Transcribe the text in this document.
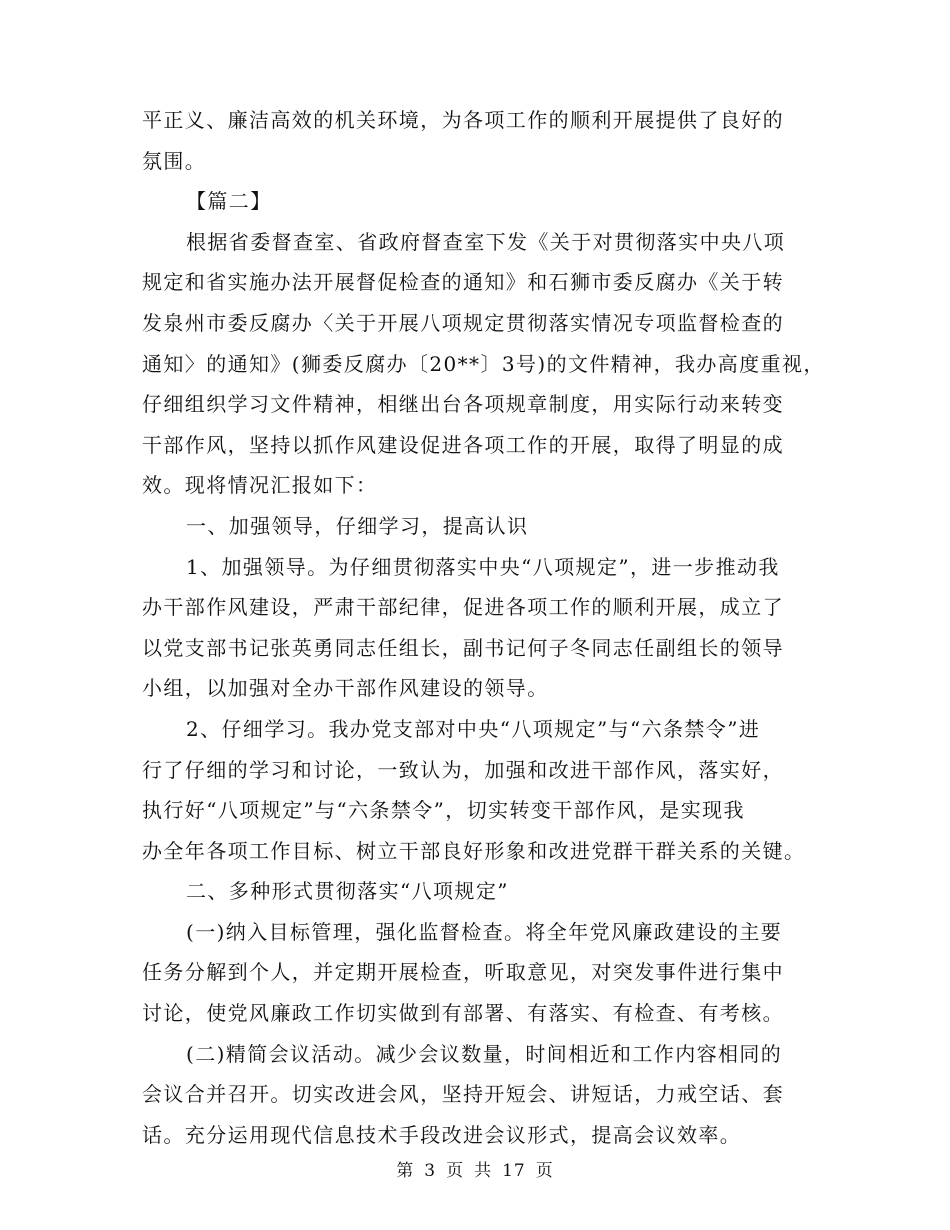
平正义、廉洁高效的机关环境，为各项工作的顺利开展提供了良好的
氛围。
【篇二】
根据省委督查室、省政府督查室下发《关于对贯彻落实中央八项
规定和省实施办法开展督促检查的通知》和石狮市委反腐办《关于转
发泉州市委反腐办〈关于开展八项规定贯彻落实情况专项监督检查的
通知〉的通知》(狮委反腐办〔20**〕3号)的文件精神，我办高度重视，
仔细组织学习文件精神，相继出台各项规章制度，用实际行动来转变
干部作风，坚持以抓作风建设促进各项工作的开展，取得了明显的成
效。现将情况汇报如下：
一、加强领导，仔细学习，提高认识
1、加强领导。为仔细贯彻落实中央“八项规定”，进一步推动我
办干部作风建设，严肃干部纪律，促进各项工作的顺利开展，成立了
以党支部书记张英勇同志任组长，副书记何子冬同志任副组长的领导
小组，以加强对全办干部作风建设的领导。
2、仔细学习。我办党支部对中央“八项规定”与“六条禁令”进
行了仔细的学习和讨论，一致认为，加强和改进干部作风，落实好，
执行好“八项规定”与“六条禁令”，切实转变干部作风，是实现我
办全年各项工作目标、树立干部良好形象和改进党群干群关系的关键。
二、多种形式贯彻落实“八项规定”
(一)纳入目标管理，强化监督检查。将全年党风廉政建设的主要
任务分解到个人，并定期开展检查，听取意见，对突发事件进行集中
讨论，使党风廉政工作切实做到有部署、有落实、有检查、有考核。
(二)精简会议活动。减少会议数量，时间相近和工作内容相同的
会议合并召开。切实改进会风，坚持开短会、讲短话，力戒空话、套
话。充分运用现代信息技术手段改进会议形式，提高会议效率。
第 3 页 共 17 页
